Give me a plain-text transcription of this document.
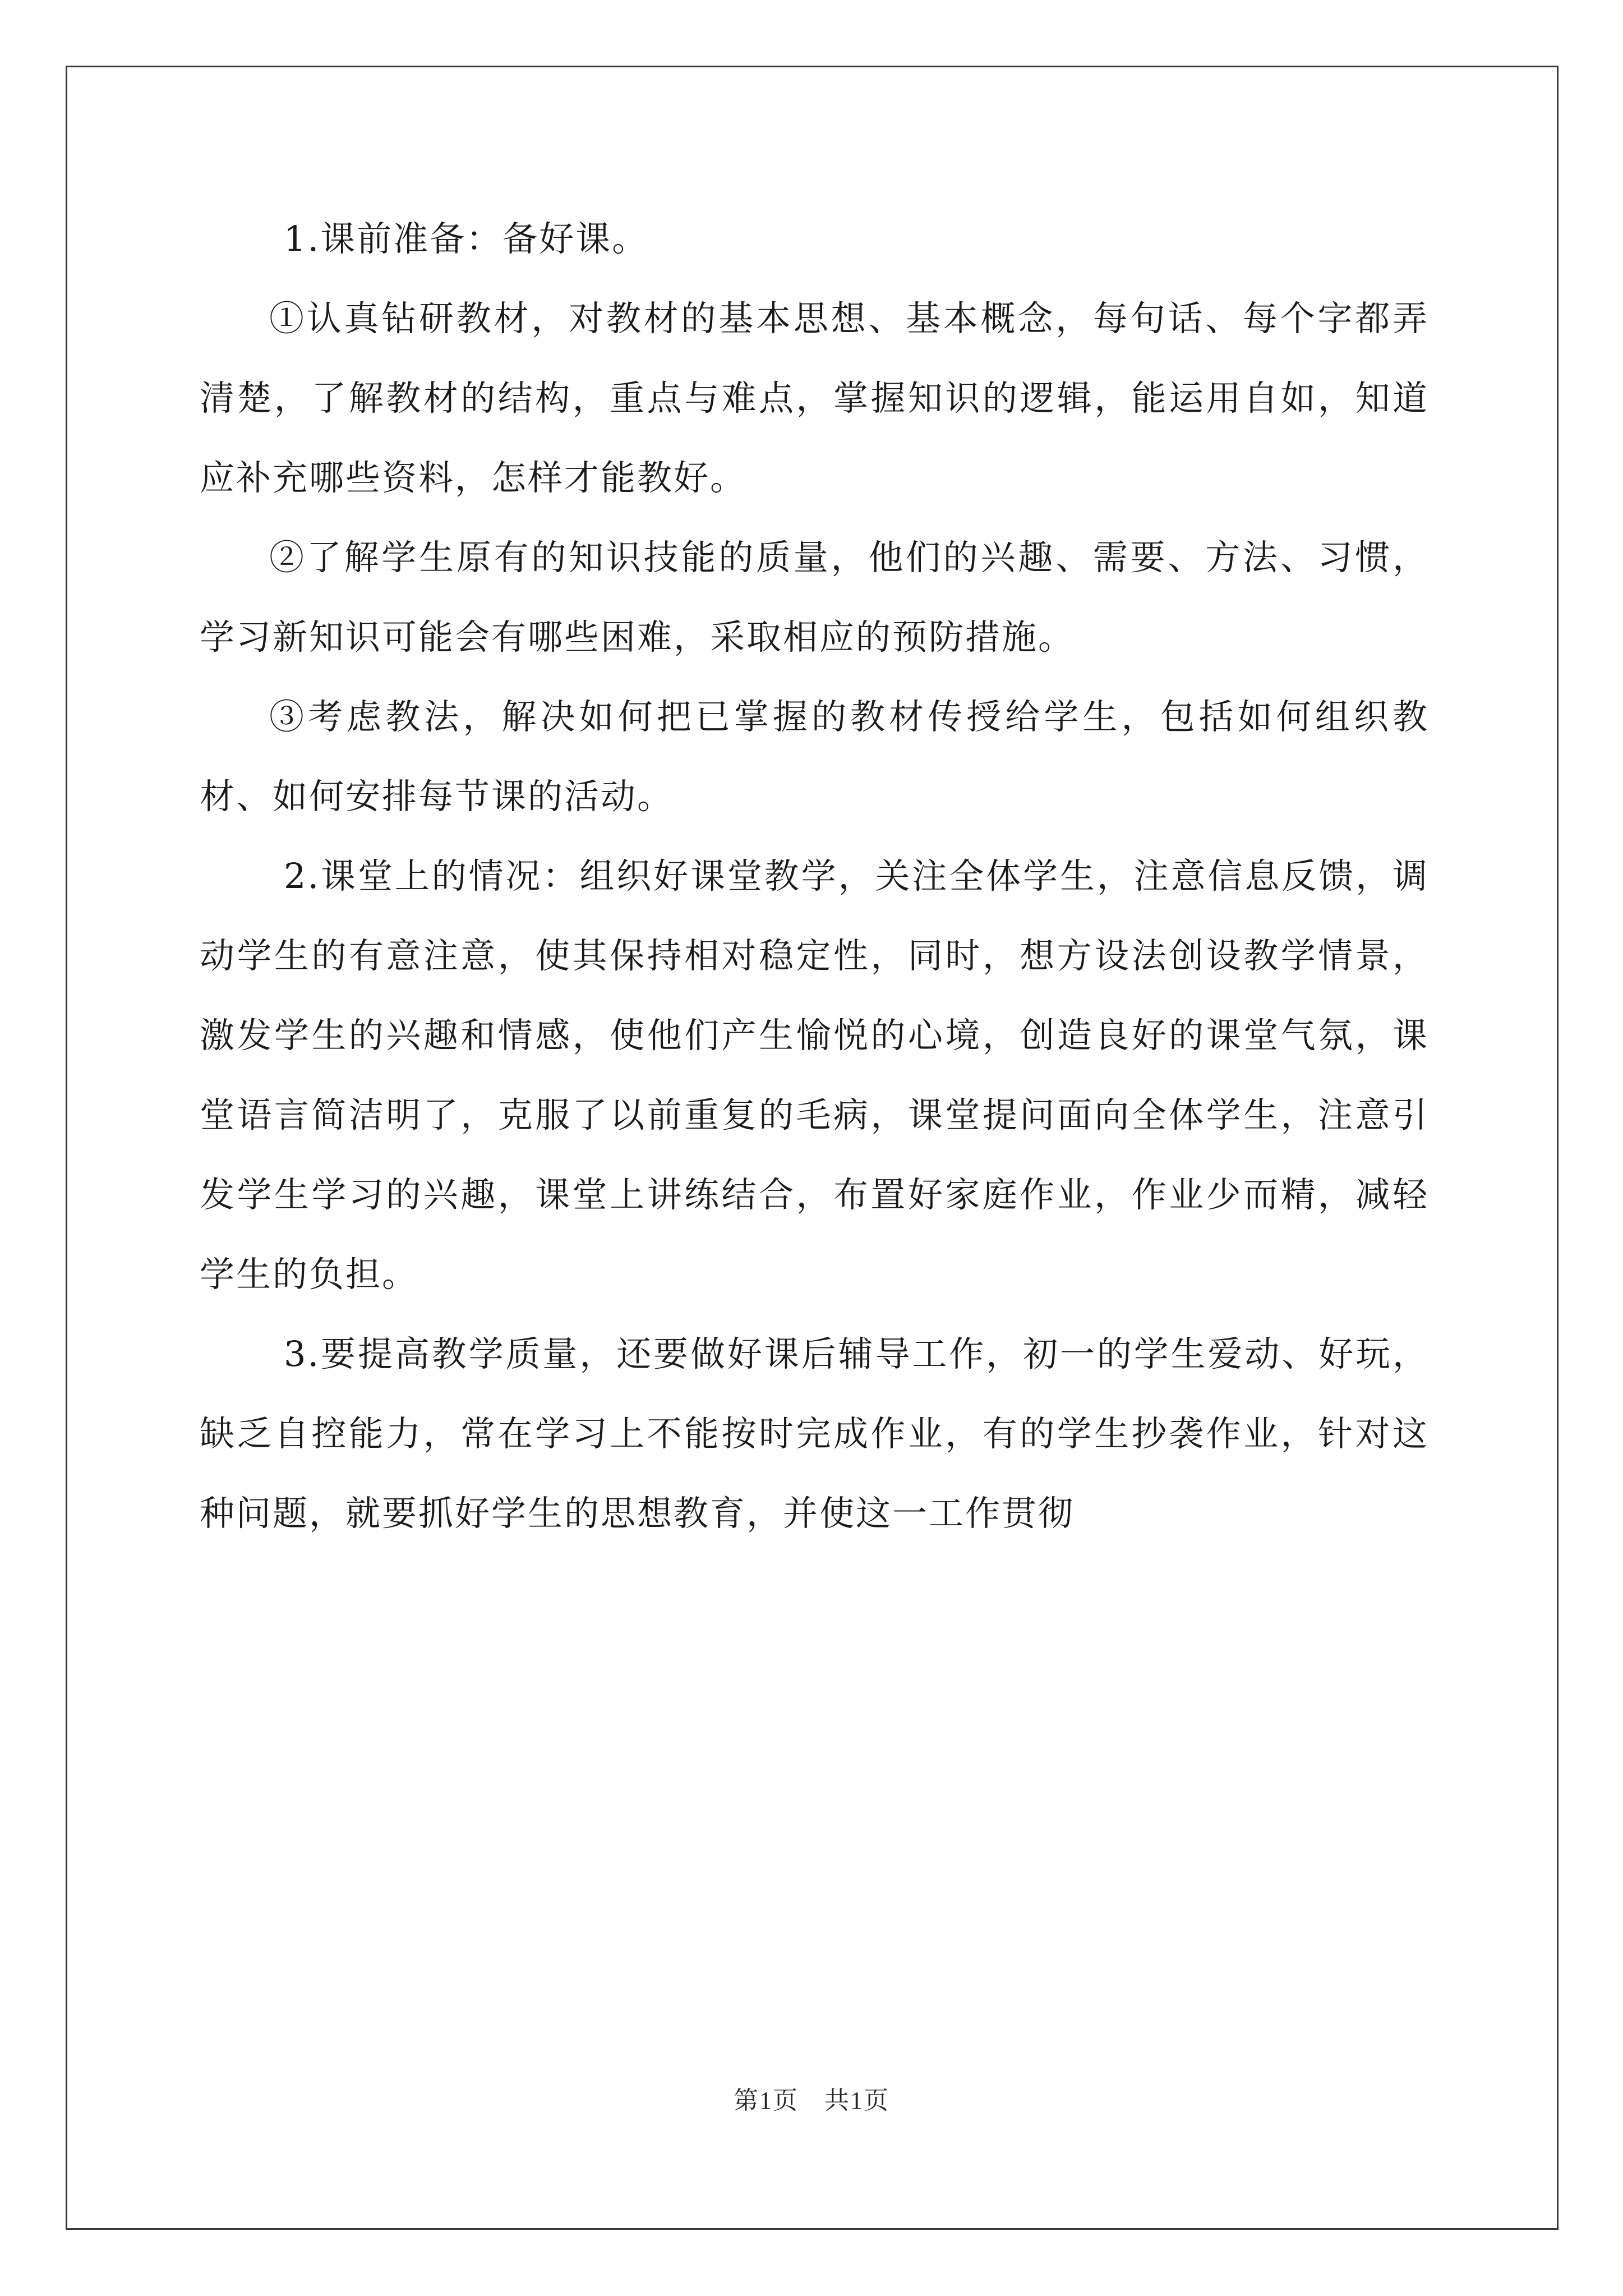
1.课前准备：备好课。

①认真钻研教材，对教材的基本思想、基本概念，每句话、每个字都弄清楚，了解教材的结构，重点与难点，掌握知识的逻辑，能运用自如，知道应补充哪些资料，怎样才能教好。

②了解学生原有的知识技能的质量，他们的兴趣、需要、方法、习惯，学习新知识可能会有哪些困难，采取相应的预防措施。

③考虑教法，解决如何把已掌握的教材传授给学生，包括如何组织教材、如何安排每节课的活动。

2.课堂上的情况：组织好课堂教学，关注全体学生，注意信息反馈，调动学生的有意注意，使其保持相对稳定性，同时，想方设法创设教学情景，激发学生的兴趣和情感，使他们产生愉悦的心境，创造良好的课堂气氛，课堂语言简洁明了，克服了以前重复的毛病，课堂提问面向全体学生，注意引发学生学习的兴趣，课堂上讲练结合，布置好家庭作业，作业少而精，减轻学生的负担。

3.要提高教学质量，还要做好课后辅导工作，初一的学生爱动、好玩，缺乏自控能力，常在学习上不能按时完成作业，有的学生抄袭作业，针对这种问题，就要抓好学生的思想教育，并使这一工作贯彻

第1页 共1页
